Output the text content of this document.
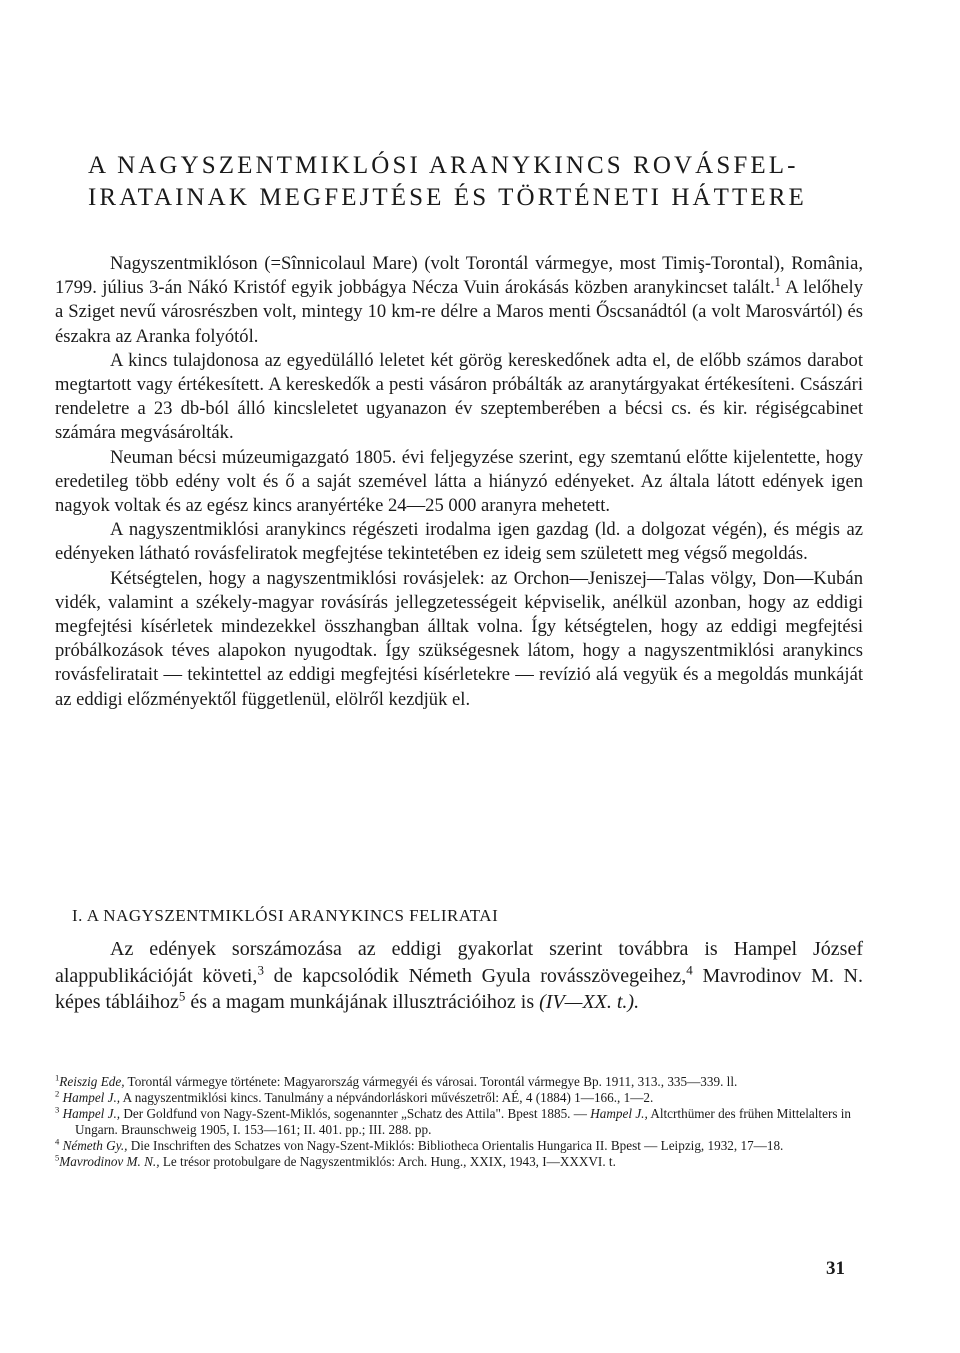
A NAGYSZENTMIKLÓSI ARANYKINCS ROVÁSFEL-
IRATAINAK MEGFEJTÉSE ÉS TÖRTÉNETI HÁTTERE

Nagyszentmiklóson (=Sînnicolaul Mare) (volt Torontál vármegye, most Timiş-Torontal), România, 1799. július 3-án Nákó Kristóf egyik jobbágya Nécza Vuin árokásás közben aranykincset talált.$^1$ A lelőhely a Sziget nevű városrészben volt, mintegy 10 km-re délre a Maros menti Őscsanádtól (a volt Marosvártól) és északra az Aranka folyótól.

A kincs tulajdonosa az egyedülálló leletet két görög kereskedőnek adta el, de előbb számos darabot megtartott vagy értékesített. A kereskedők a pesti vásáron próbálták az aranytárgyakat értékesíteni. Császári rendeletre a 23 db-ból álló kincsleletet ugyanazon év szeptemberében a bécsi cs. és kir. régiségcabinet számára megvásárolták.

Neuman bécsi múzeumigazgató 1805. évi feljegyzése szerint, egy szemtanú előtte kijelentette, hogy eredetileg több edény volt és ő a saját szemével látta a hiányzó edényeket. Az általa látott edények igen nagyok voltak és az egész kincs aranyértéke 24—25 000 aranyra mehetett.

A nagyszentmiklósi aranykincs régészeti irodalma igen gazdag (ld. a dolgozat végén), és mégis az edényeken látható rovásfeliratok megfejtése tekintetében ez ideig sem született meg végső megoldás.

Kétségtelen, hogy a nagyszentmiklósi rovásjelek: az Orchon—Jeniszej—Talas völgy, Don—Kubán vidék, valamint a székely-magyar rovásírás jellegzetességeit képviselik, anélkül azonban, hogy az eddigi megfejtési kísérletek mindezekkel összhangban álltak volna. Így kétségtelen, hogy az eddigi megfejtési próbálkozások téves alapokon nyugodtak. Így szükségesnek látom, hogy a nagyszentmiklósi aranykincs rovásfeliratait — tekintettel az eddigi megfejtési kísérletekre — revízió alá vegyük és a megoldás munkáját az eddigi előzményektől függetlenül, elölről kezdjük el.

I. A NAGYSZENTMIKLÓSI ARANYKINCS FELIRATAI

Az edények sorszámozása az eddigi gyakorlat szerint továbbra is Hampel József alappublikációját követi,$^3$ de kapcsolódik Németh Gyula rovásszövegeihez,$^4$ Mavrodinov M. N. képes tábláihoz$^5$ és a magam munkájának illusztrációihoz is (IV—XX. t.).

$^1$Reiszig Ede, Torontál vármegye története: Magyarország vármegyéi és városai. Torontál vármegye Bp. 1911, 313., 335—339. ll.

$^2$ Hampel J., A nagyszentmiklósi kincs. Tanulmány a népvándorláskori művészetről: AÉ, 4 (1884) 1—166., 1—2.

$^3$ Hampel J., Der Goldfund von Nagy-Szent-Miklós, sogenannter „Schatz des Attila". Bpest 1885. — Hampel J., Altcrthümer des frühen Mittelalters in Ungarn. Braunschweig 1905, I. 153—161; II. 401. pp.; III. 288. pp.

$^4$ Németh Gy., Die Inschriften des Schatzes von Nagy-Szent-Miklós: Bibliotheca Orientalis Hungarica II. Bpest — Leipzig, 1932, 17—18.

$^5$Mavrodinov M. N., Le trésor protobulgare de Nagyszentmiklós: Arch. Hung., XXIX, 1943, I—XXXVI. t.

31
